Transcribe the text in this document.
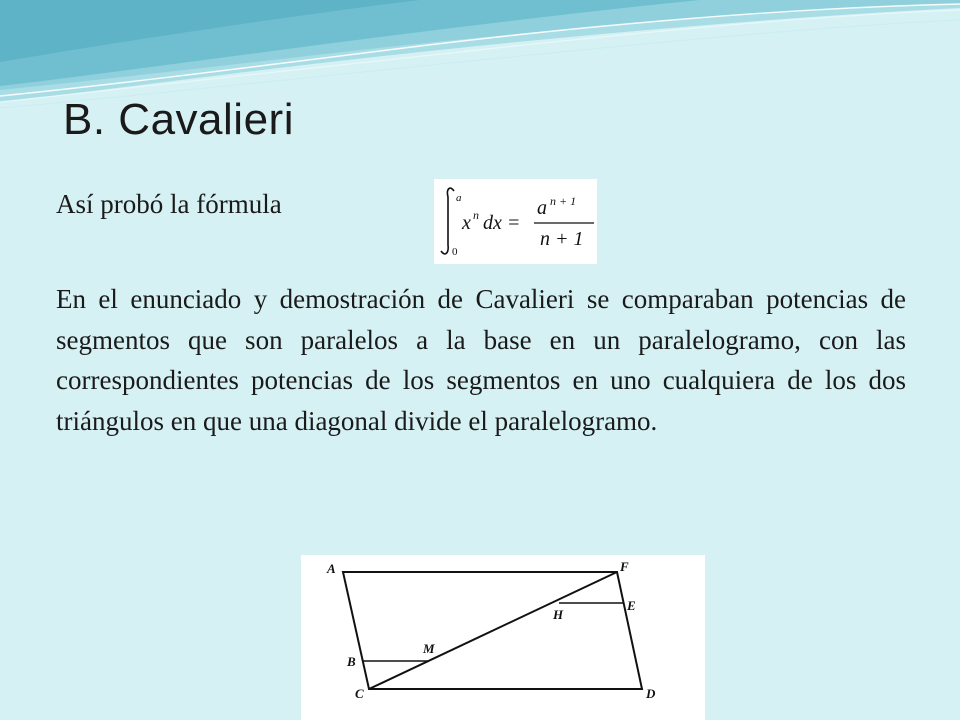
B. Cavalieri
Así probó la fórmula	a
0
x n dx =
a n + 1
n + 1
En el enunciado y demostración de Cavalieri se comparaban potencias de segmentos que son paralelos a la base en un paralelogramo, con las correspondientes potencias de los segmentos en uno cualquiera de los dos triángulos en que una diagonal divide el paralelogramo.
A	F
E
H
M
B
C	D
